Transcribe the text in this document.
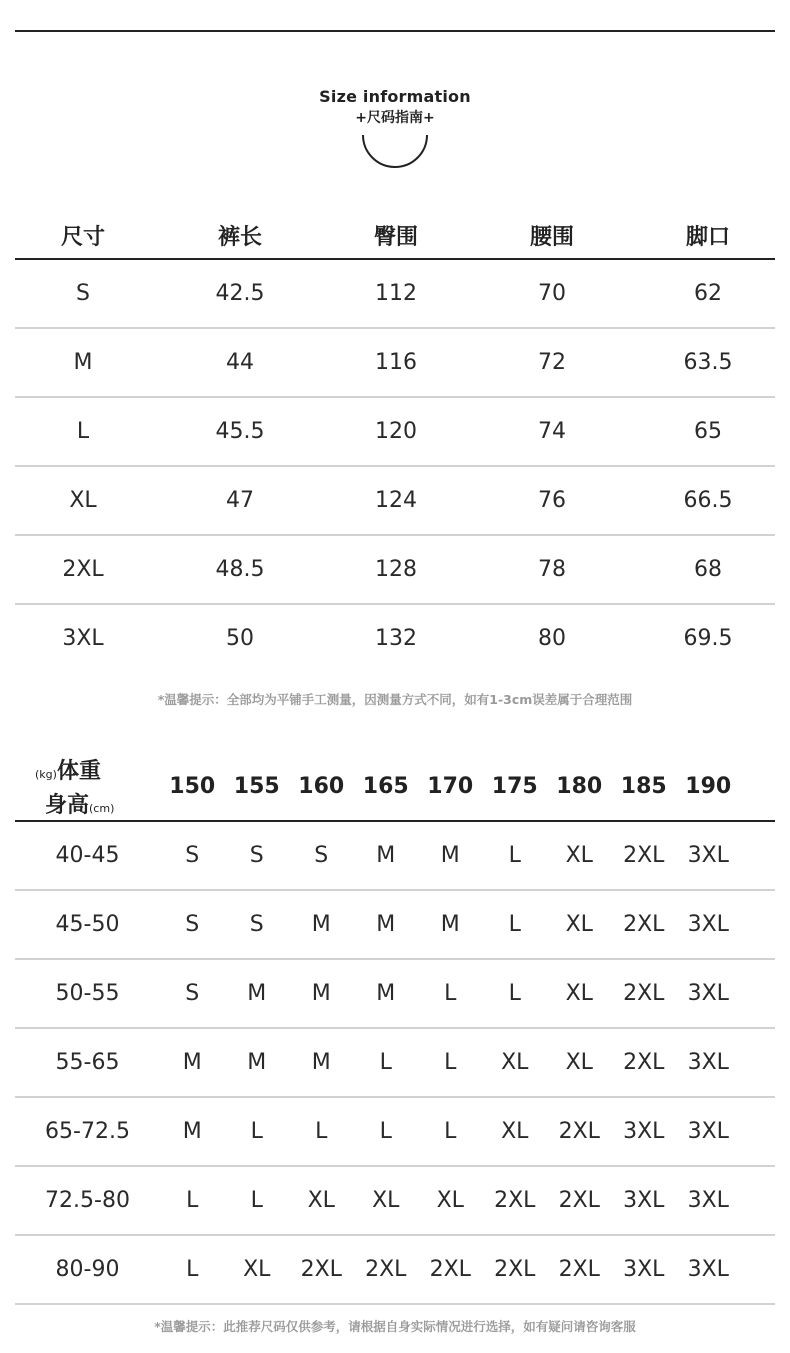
Size information
+尺码指南+
尺寸	裤长	臀围	腰围	脚口
S	42.5	112	70	62
M	44	116	72	63.5
L	45.5	120	74	65
XL	47	124	76	66.5
2XL	48.5	128	78	68
3XL	50	132	80	69.5
*温馨提示：全部均为平铺手工测量，因测量方式不同，如有1-3cm误差属于合理范围
(kg)体重
身高(cm)
150 155 160 165 170 175 180 185 190
40-45	S	S	S	M	M	L	XL	2XL	3XL
45-50	S	S	M	M	M	L	XL	2XL	3XL
50-55	S	M	M	M	L	L	XL	2XL	3XL
55-65	M	M	M	L	L	XL	XL	2XL	3XL
65-72.5	M	L	L	L	L	XL	2XL	3XL	3XL
72.5-80	L	L	XL	XL	XL	2XL	2XL	3XL	3XL
80-90	L	XL	2XL	2XL	2XL	2XL	2XL	3XL	3XL
*温馨提示：此推荐尺码仅供参考，请根据自身实际情况进行选择，如有疑问请咨询客服
